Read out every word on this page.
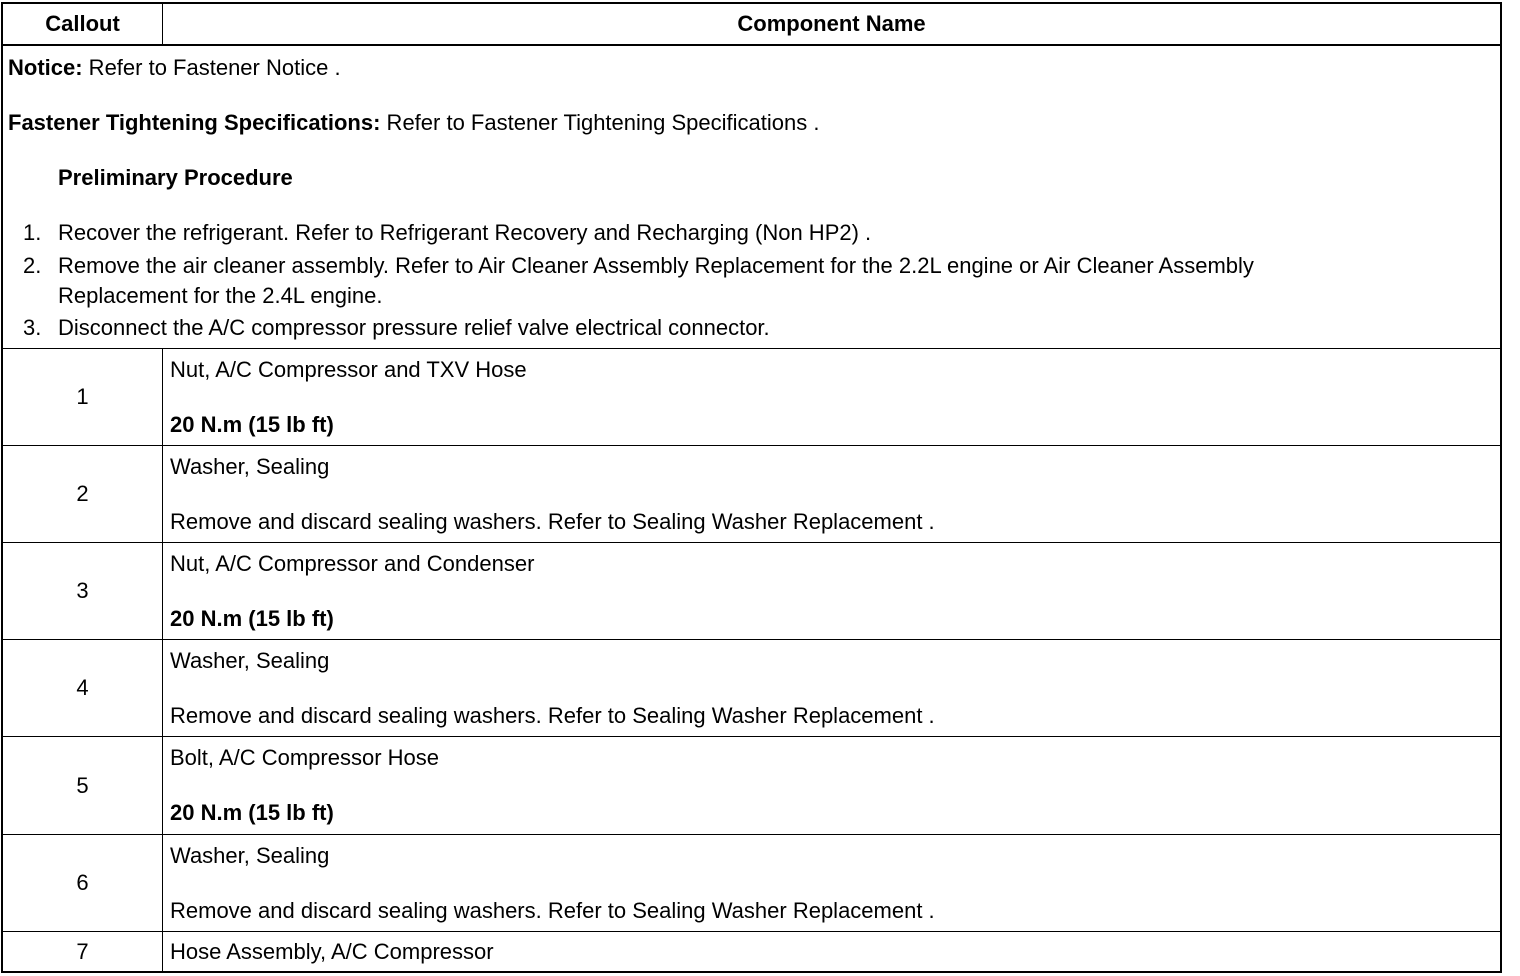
Callout	Component Name
Notice: Refer to Fastener Notice .
Fastener Tightening Specifications: Refer to Fastener Tightening Specifications .
Preliminary Procedure
1. Recover the refrigerant. Refer to Refrigerant Recovery and Recharging (Non HP2) .
2. Remove the air cleaner assembly. Refer to Air Cleaner Assembly Replacement for the 2.2L engine or Air Cleaner Assembly
Replacement for the 2.4L engine.
3. Disconnect the A/C compressor pressure relief valve electrical connector.
1
Nut, A/C Compressor and TXV Hose
20 N.m (15 lb ft)
2
Washer, Sealing
Remove and discard sealing washers. Refer to Sealing Washer Replacement .
3
Nut, A/C Compressor and Condenser
20 N.m (15 lb ft)
4
Washer, Sealing
Remove and discard sealing washers. Refer to Sealing Washer Replacement .
5
Bolt, A/C Compressor Hose
20 N.m (15 lb ft)
6
Washer, Sealing
Remove and discard sealing washers. Refer to Sealing Washer Replacement .
7	Hose Assembly, A/C Compressor
